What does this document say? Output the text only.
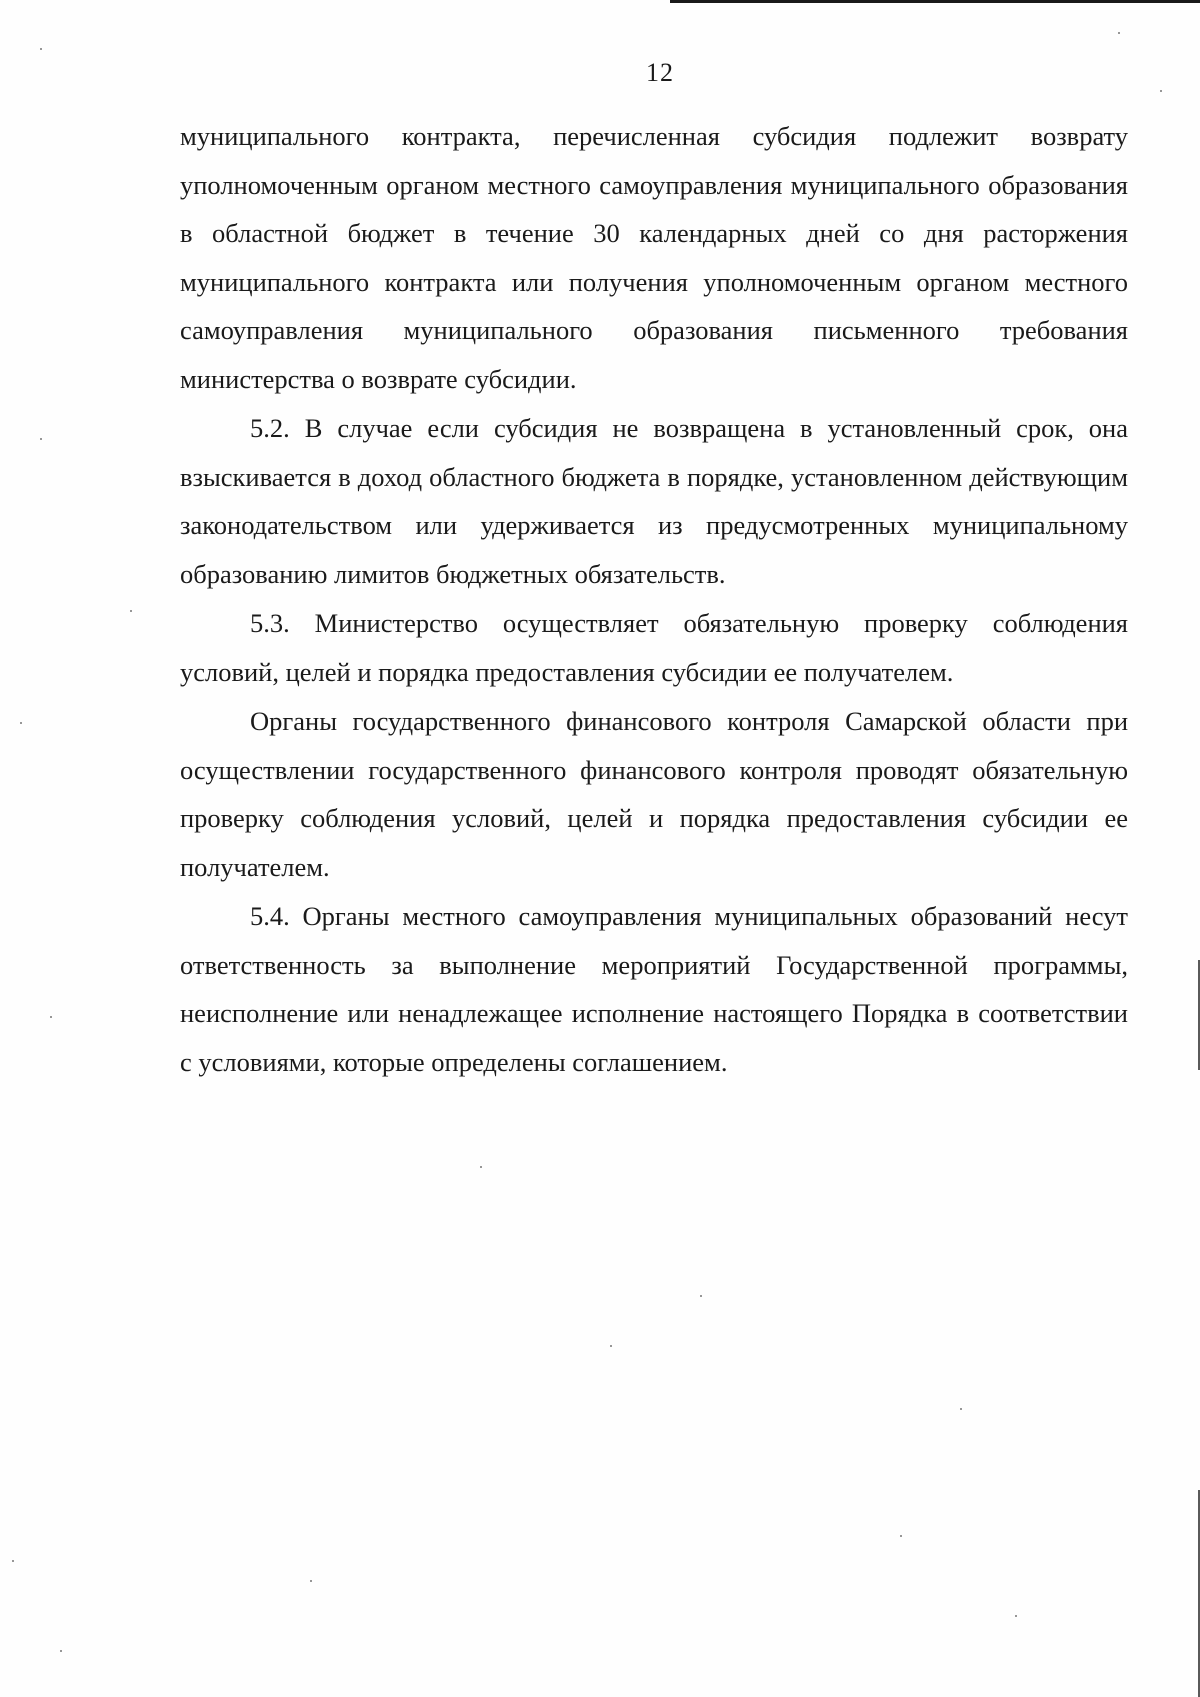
12

муниципального контракта, перечисленная субсидия подлежит возврату уполномоченным органом местного самоуправления муниципального образования в областной бюджет в течение 30 календарных дней со дня расторжения муниципального контракта или получения уполномоченным органом местного самоуправления муниципального образования письменного требования министерства о возврате субсидии.

5.2. В случае если субсидия не возвращена в установленный срок, она взыскивается в доход областного бюджета в порядке, установленном действующим законодательством или удерживается из предусмотренных муниципальному образованию лимитов бюджетных обязательств.

5.3. Министерство осуществляет обязательную проверку соблюдения условий, целей и порядка предоставления субсидии ее получателем.

Органы государственного финансового контроля Самарской области при осуществлении государственного финансового контроля проводят обязательную проверку соблюдения условий, целей и порядка предоставления субсидии ее получателем.

5.4. Органы местного самоуправления муниципальных образований несут ответственность за выполнение мероприятий Государственной программы, неисполнение или ненадлежащее исполнение настоящего Порядка в соответствии с условиями, которые определены соглашением.
